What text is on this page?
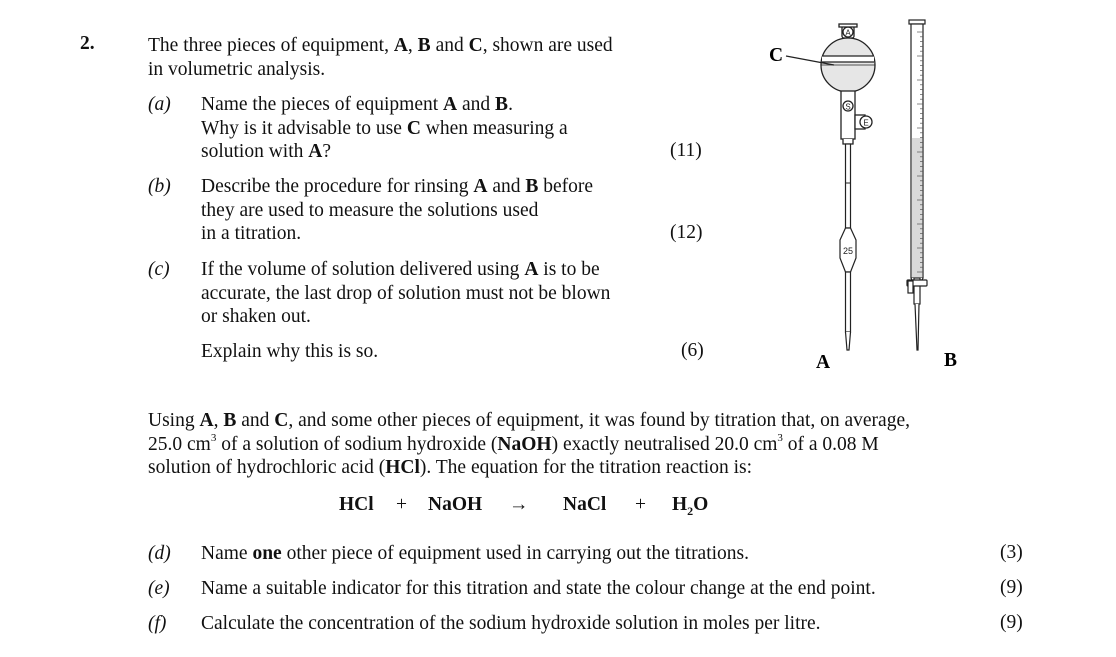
2.	The three pieces of equipment, A, B and C, shown are used
in volumetric analysis.
(a) Name the pieces of equipment A and B.
Why is it advisable to use C when measuring a
solution with A?	(11)
(b) Describe the procedure for rinsing A and B before
they are used to measure the solutions used
in a titration.	(12)
(c) If the volume of solution delivered using A is to be
accurate, the last drop of solution must not be blown
or shaken out.
Explain why this is so.	(6)
A
S
E
C
25
A	B
Using A, B and C, and some other pieces of equipment, it was found by titration that, on average,
25.0 $cm^3$ of a solution of sodium hydroxide (NaOH) exactly neutralised 20.0 $cm^3$ of a 0.08 M
solution of hydrochloric acid (HCl). The equation for the titration reaction is:
HCl + NaOH → NaCl + $H_2O$
(d) Name one other piece of equipment used in carrying out the titrations.	(3)
(e) Name a suitable indicator for this titration and state the colour change at the end point.	(9)
(f) Calculate the concentration of the sodium hydroxide solution in moles per litre.	(9)
